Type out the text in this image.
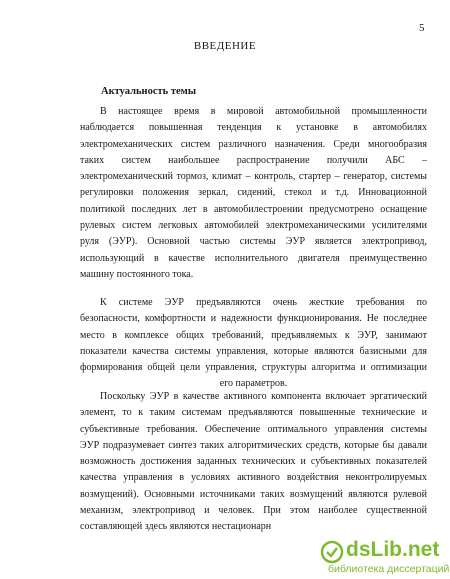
5
ВВЕДЕНИЕ
Актуальность темы
В настоящее время в мировой автомобильной промышленности
наблюдается повышенная тенденция к установке в автомобилях
электромеханических систем различного назначения. Среди многообразия
таких систем наибольшее распространение получили АБС –
электромеханический тормоз, климат – контроль, стартер – генератор, системы
регулировки положения зеркал, сидений, стекол и т.д. Инновационной
политикой последних лет в автомобилестроении предусмотрено оснащение
рулевых систем легковых автомобилей электромеханическими усилителями
руля (ЭУР). Основной частью системы ЭУР является электропривод,
использующий в качестве исполнительного двигателя преимущественно
машину постоянного тока.
К системе ЭУР предъявляются очень жесткие требования по
безопасности, комфортности и надежности функционирования. Не последнее
место в комплексе общих требований, предъявляемых к ЭУР, занимают
показатели качества системы управления, которые являются базисными для
формирования общей цели управления, структуры алгоритма и оптимизации
его параметров.
Поскольку ЭУР в качестве активного компонента включает эргатический
элемент, то к таким системам предъявляются повышенные технические и
субъективные требования. Обеспечение оптимального управления системы
ЭУР подразумевает синтез таких алгоритмических средств, которые бы давали
возможность достижения заданных технических и субъективных показателей
качества управления в условиях активного воздействия неконтролируемых
возмущений). Основными источниками таких возмущений являются рулевой
механизм, электропривод и человек. При этом наиболее существенной
составляющей здесь являются нестационарн
dsLib.net
библиотека диссертаций
